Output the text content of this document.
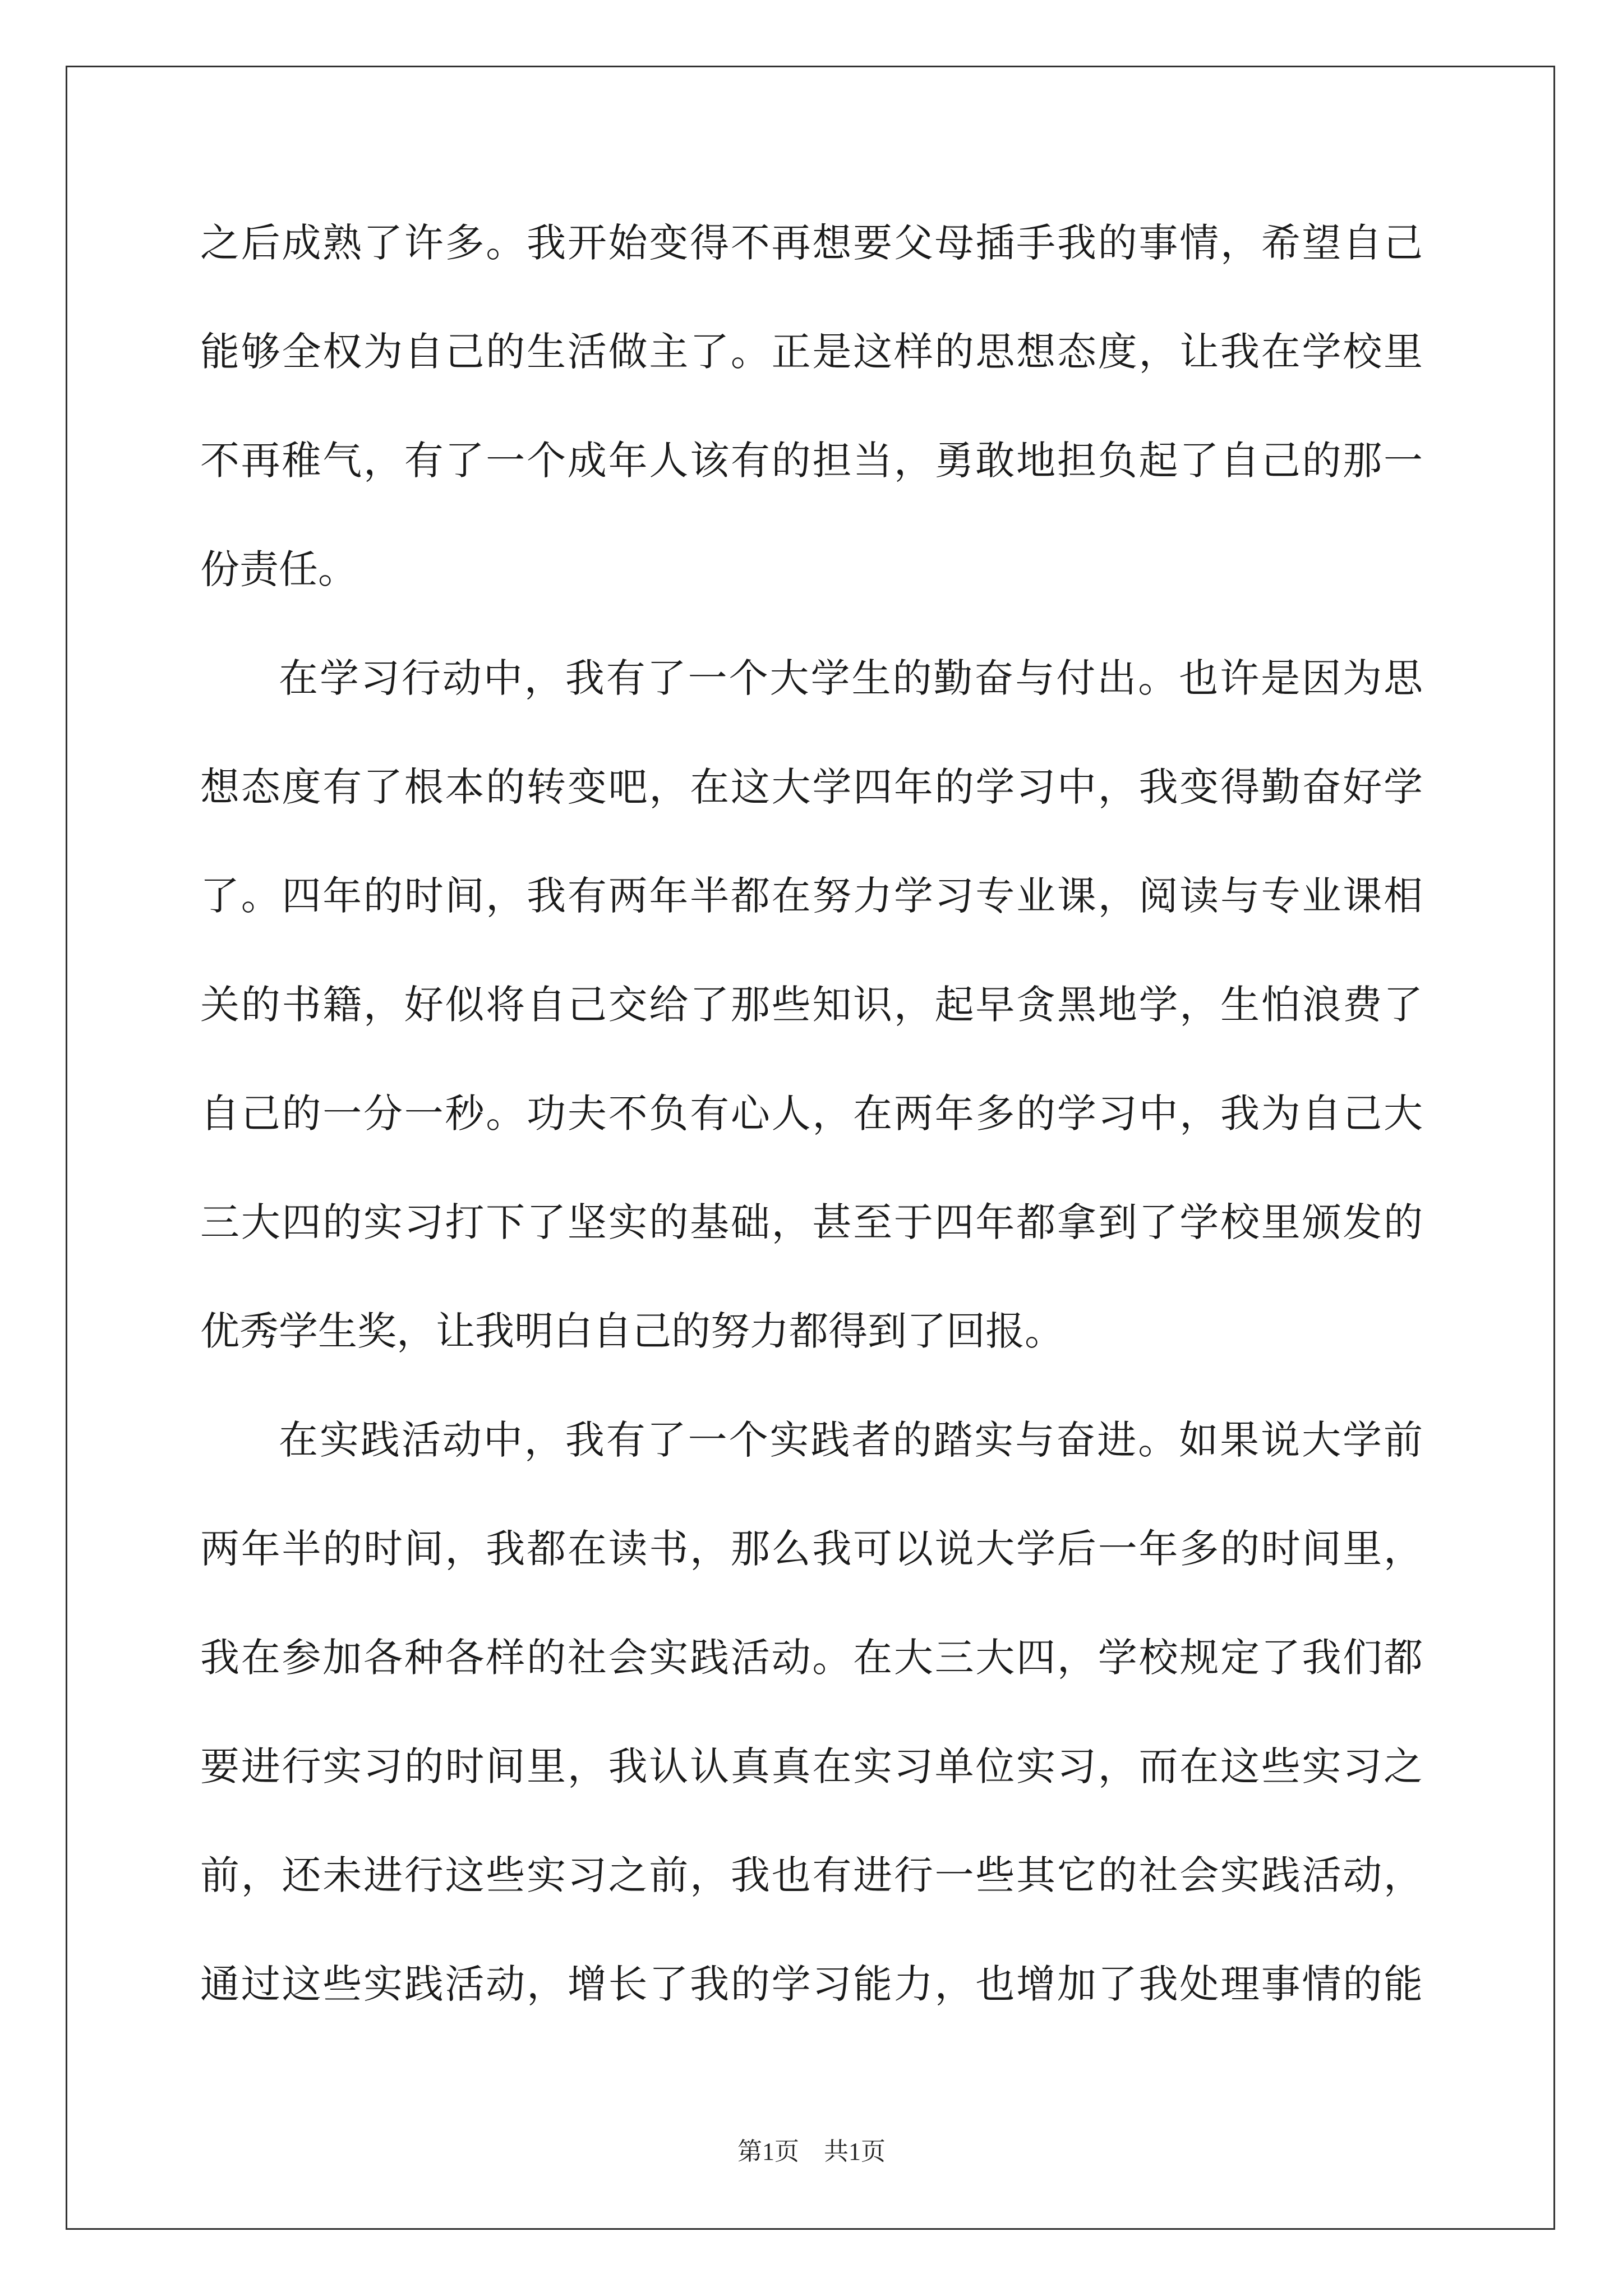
之后成熟了许多。我开始变得不再想要父母插手我的事情，希望自己
能够全权为自己的生活做主了。正是这样的思想态度，让我在学校里
不再稚气，有了一个成年人该有的担当，勇敢地担负起了自己的那一
份责任。
在学习行动中，我有了一个大学生的勤奋与付出。也许是因为思
想态度有了根本的转变吧，在这大学四年的学习中，我变得勤奋好学
了。四年的时间，我有两年半都在努力学习专业课，阅读与专业课相
关的书籍，好似将自己交给了那些知识，起早贪黑地学，生怕浪费了
自己的一分一秒。功夫不负有心人，在两年多的学习中，我为自己大
三大四的实习打下了坚实的基础，甚至于四年都拿到了学校里颁发的
优秀学生奖，让我明白自己的努力都得到了回报。
在实践活动中，我有了一个实践者的踏实与奋进。如果说大学前
两年半的时间，我都在读书，那么我可以说大学后一年多的时间里，
我在参加各种各样的社会实践活动。在大三大四，学校规定了我们都
要进行实习的时间里，我认认真真在实习单位实习，而在这些实习之
前，还未进行这些实习之前，我也有进行一些其它的社会实践活动，
通过这些实践活动，增长了我的学习能力，也增加了我处理事情的能
第1页　共1页
